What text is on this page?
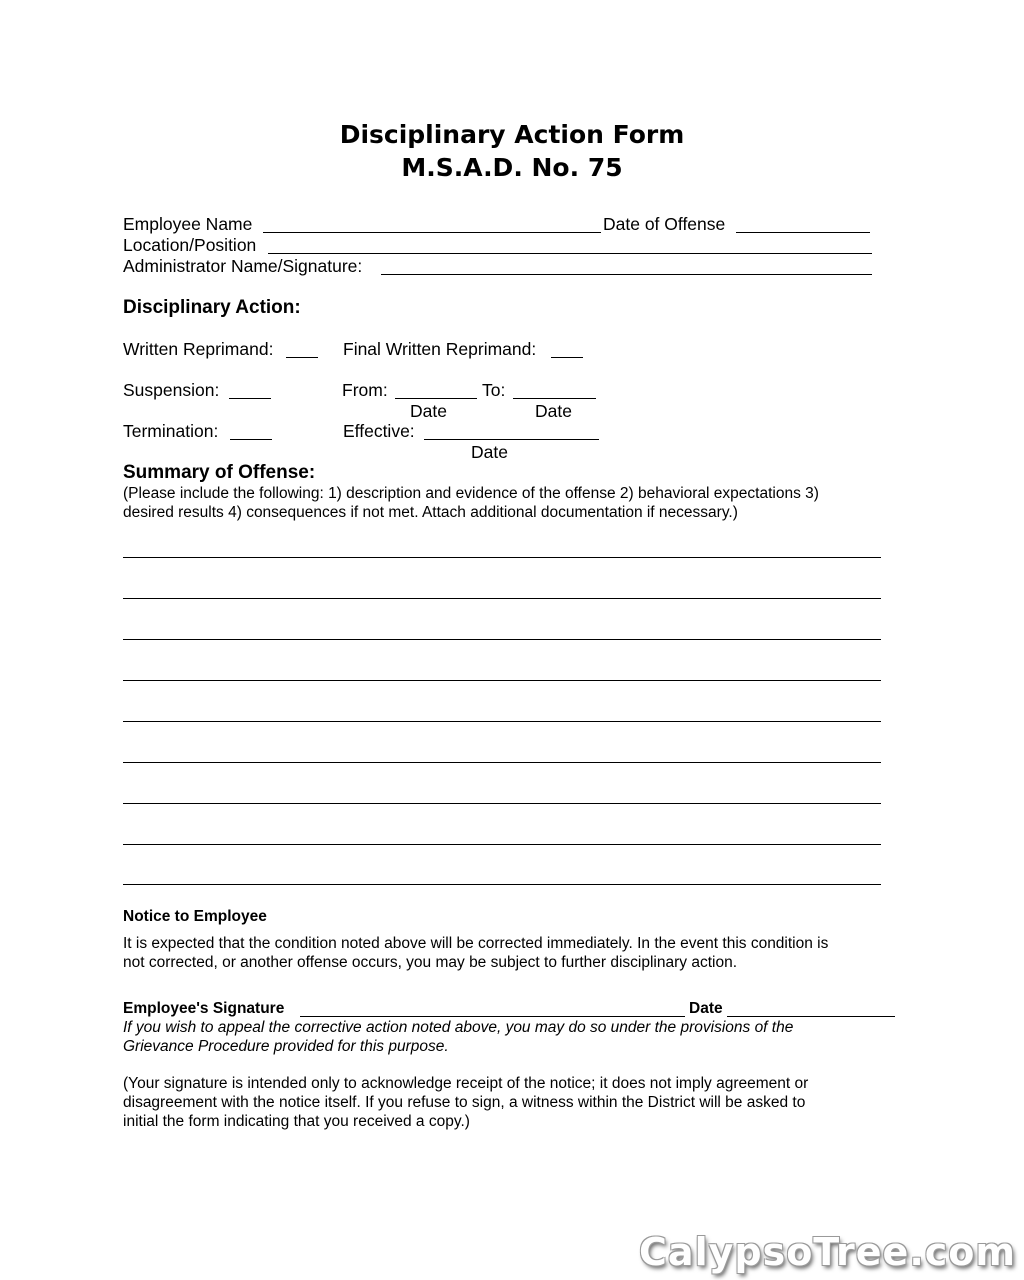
Disciplinary Action Form
M.S.A.D. No. 75
Employee Name	Date of Offense
Location/Position
Administrator Name/Signature:
Disciplinary Action:
Written Reprimand:	Final Written Reprimand:
Suspension:	From:	To:
Date	Date
Termination:	Effective:
Date
Summary of Offense:
(Please include the following: 1) description and evidence of the offense 2) behavioral expectations 3)
desired results 4) consequences if not met. Attach additional documentation if necessary.)
Notice to Employee
It is expected that the condition noted above will be corrected immediately. In the event this condition is
not corrected, or another offense occurs, you may be subject to further disciplinary action.
Employee's Signature	Date
If you wish to appeal the corrective action noted above, you may do so under the provisions of the
Grievance Procedure provided for this purpose.
(Your signature is intended only to acknowledge receipt of the notice; it does not imply agreement or
disagreement with the notice itself. If you refuse to sign, a witness within the District will be asked to
initial the form indicating that you received a copy.)
CalypsoTree.com
